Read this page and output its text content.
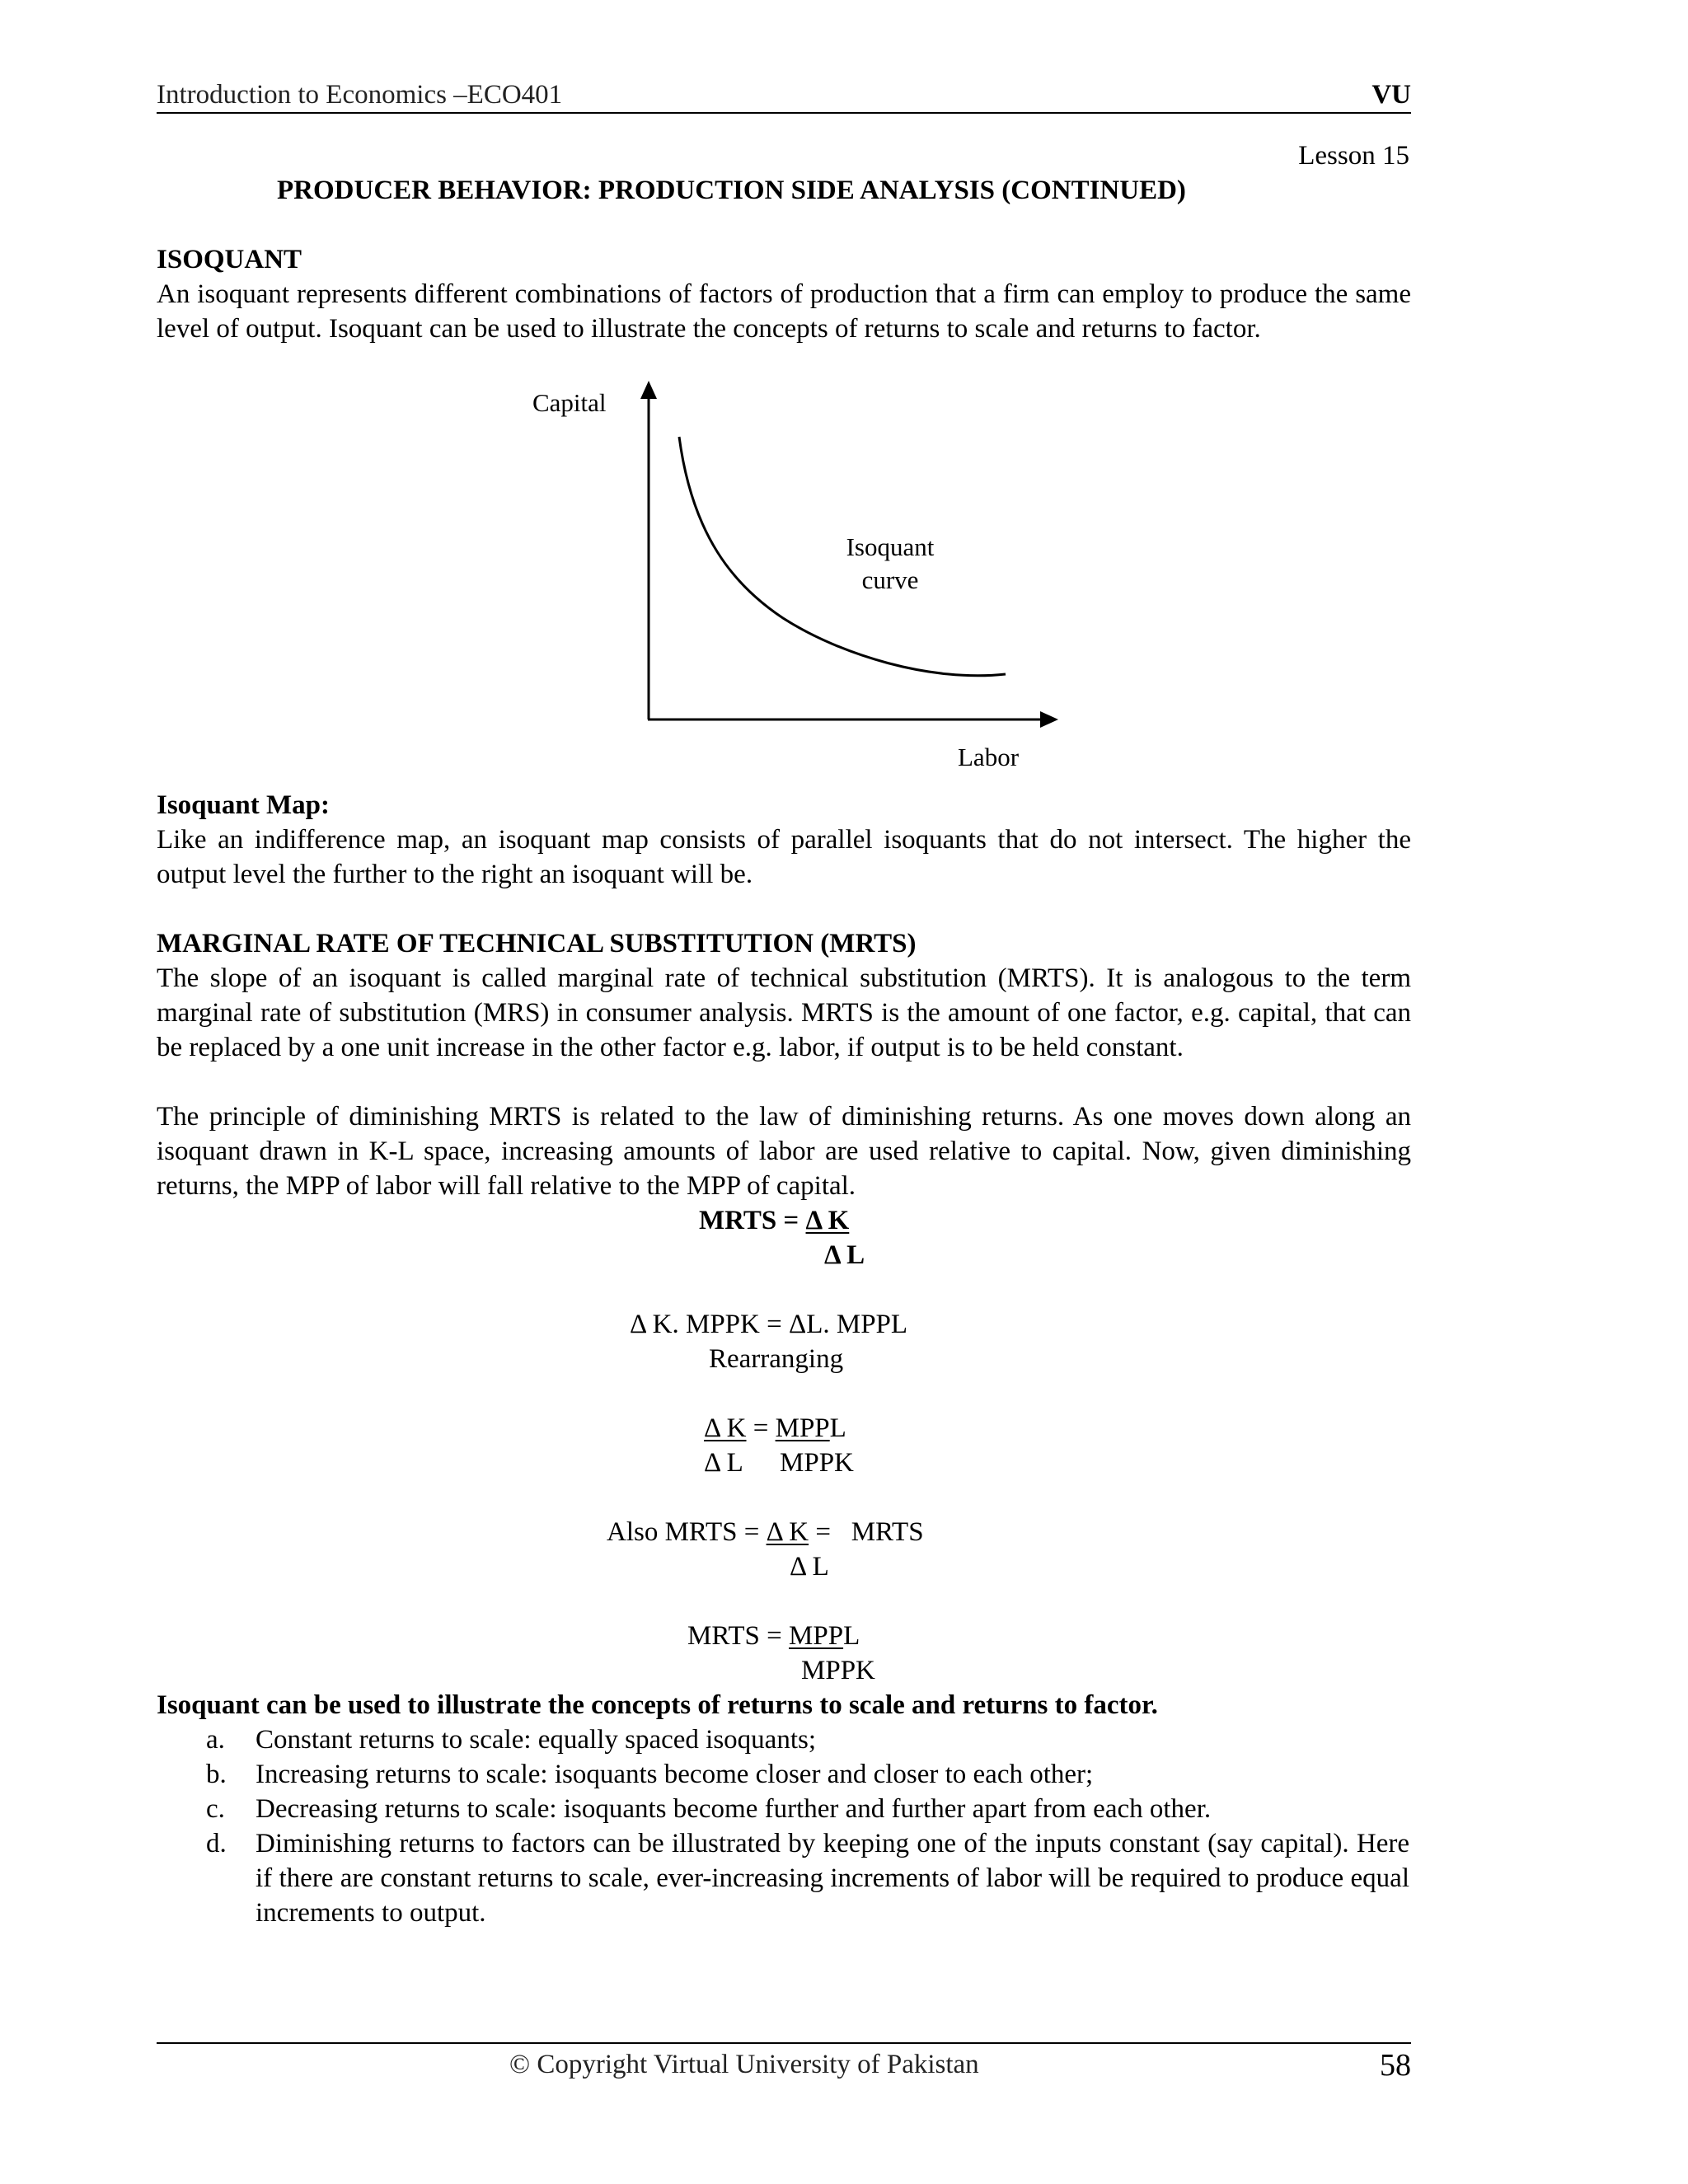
Introduction to Economics –ECO401	VU
Lesson 15
PRODUCER BEHAVIOR: PRODUCTION SIDE ANALYSIS (CONTINUED)
ISOQUANT
An isoquant represents different combinations of factors of production that a firm can employ to produce the same level of output. Isoquant can be used to illustrate the concepts of returns to scale and returns to factor.
Capital
Isoquant
curve
Labor
Isoquant Map:
Like an indifference map, an isoquant map consists of parallel isoquants that do not intersect. The higher the output level the further to the right an isoquant will be.
MARGINAL RATE OF TECHNICAL SUBSTITUTION (MRTS)
The slope of an isoquant is called marginal rate of technical substitution (MRTS). It is analogous to the term marginal rate of substitution (MRS) in consumer analysis. MRTS is the amount of one factor, e.g. capital, that can be replaced by a one unit increase in the other factor e.g. labor, if output is to be held constant.
The principle of diminishing MRTS is related to the law of diminishing returns. As one moves down along an isoquant drawn in K-L space, increasing amounts of labor are used relative to capital. Now, given diminishing returns, the MPP of labor will fall relative to the MPP of capital.
MRTS = Δ K
Δ L
Δ K. MPPK = ΔL. MPPL
Rearranging
Δ K = MPPL
Δ L MPPK
Also MRTS = Δ K =   MRTS
Δ L
MRTS = MPPL
MPPK
Isoquant can be used to illustrate the concepts of returns to scale and returns to factor.
a. Constant returns to scale: equally spaced isoquants;
b. Increasing returns to scale: isoquants become closer and closer to each other;
c. Decreasing returns to scale: isoquants become further and further apart from each other.
d. Diminishing returns to factors can be illustrated by keeping one of the inputs constant (say capital). Here if there are constant returns to scale, ever-increasing increments of labor will be required to produce equal increments to output.
© Copyright Virtual University of Pakistan	58
